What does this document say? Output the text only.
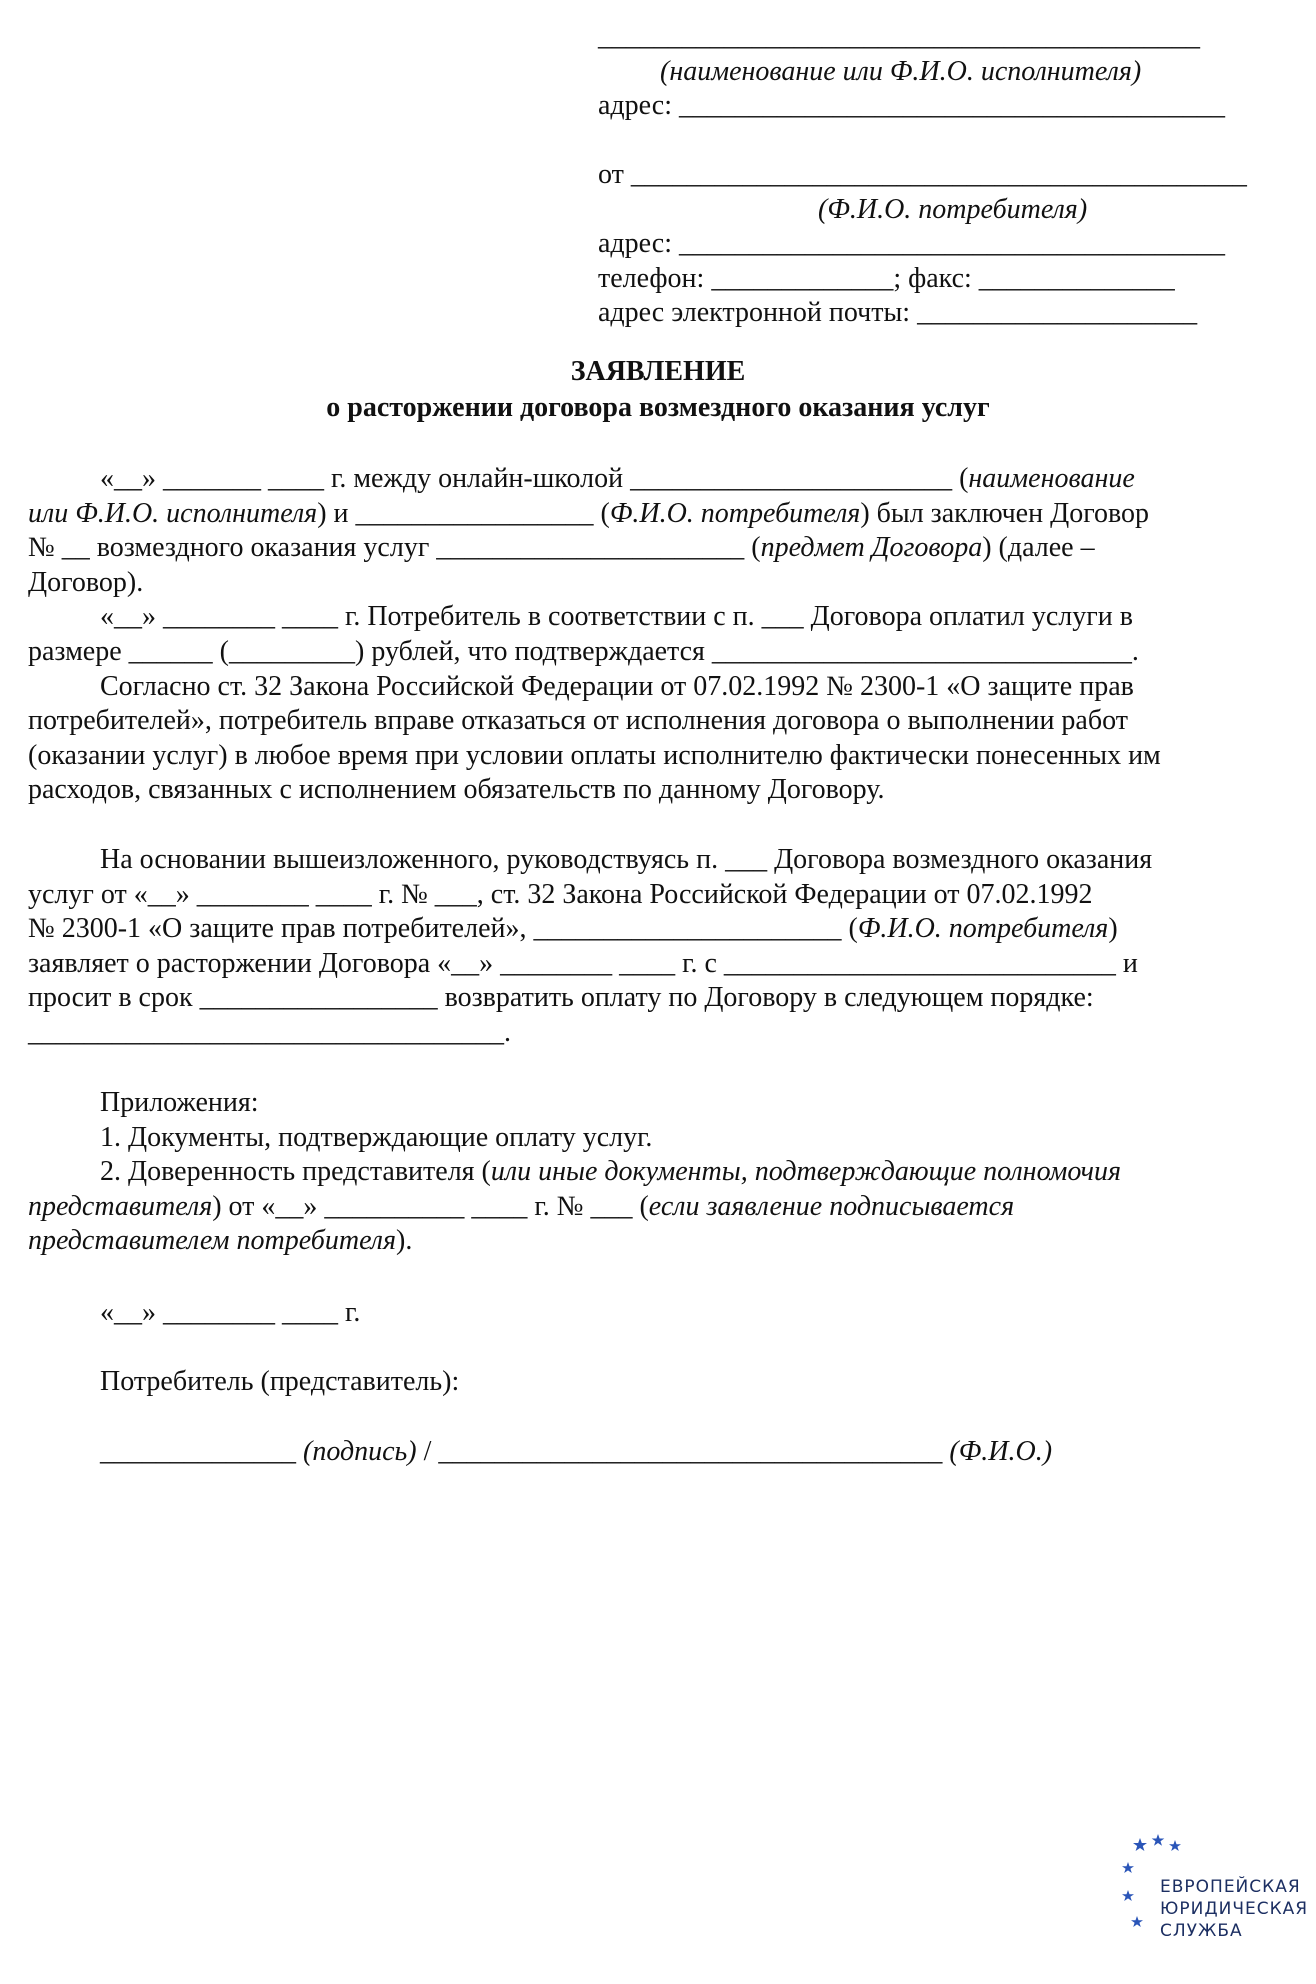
___________________________________________
(наименование или Ф.И.О. исполнителя)
адрес: _______________________________________
от ____________________________________________
(Ф.И.О. потребителя)
адрес: _______________________________________
телефон: _____________; факс: ______________
адрес электронной почты: ____________________
ЗАЯВЛЕНИЕ
о расторжении договора возмездного оказания услуг
«__» _______ ____ г. между онлайн-школой _______________________ (наименование
или Ф.И.О. исполнителя) и _________________ (Ф.И.О. потребителя) был заключен Договор
№ __ возмездного оказания услуг ______________________ (предмет Договора) (далее –
Договор).
«__» ________ ____ г. Потребитель в соответствии с п. ___ Договора оплатил услуги в
размере ______ (_________) рублей, что подтверждается ______________________________.
Согласно ст. 32 Закона Российской Федерации от 07.02.1992 № 2300-1 «О защите прав
потребителей», потребитель вправе отказаться от исполнения договора о выполнении работ
(оказании услуг) в любое время при условии оплаты исполнителю фактически понесенных им
расходов, связанных с исполнением обязательств по данному Договору.
На основании вышеизложенного, руководствуясь п. ___ Договора возмездного оказания
услуг от «__» ________ ____ г. № ___, ст. 32 Закона Российской Федерации от 07.02.1992
№ 2300-1 «О защите прав потребителей», ______________________ (Ф.И.О. потребителя)
заявляет о расторжении Договора «__» ________ ____ г. с ____________________________ и
просит в срок _________________ возвратить оплату по Договору в следующем порядке:
__________________________________.
Приложения:
1. Документы, подтверждающие оплату услуг.
2. Доверенность представителя (или иные документы, подтверждающие полномочия
представителя) от «__» __________ ____ г. № ___ (если заявление подписывается
представителем потребителя).
«__» ________ ____ г.
Потребитель (представитель):
______________ (подпись) / ____________________________________ (Ф.И.О.)
ЕВРОПЕЙСКАЯ
ЮРИДИЧЕСКАЯ
СЛУЖБА
